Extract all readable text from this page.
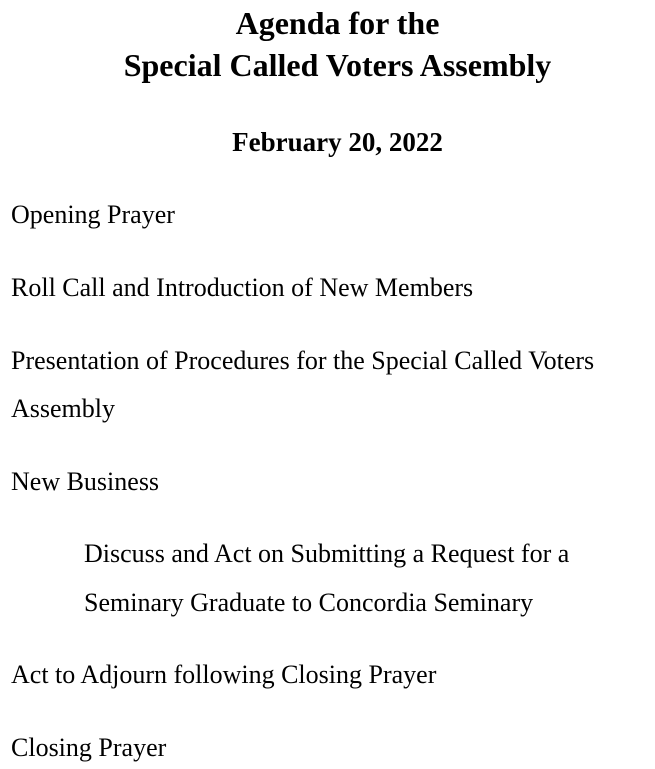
Agenda for the
Special Called Voters Assembly
February 20, 2022
Opening Prayer
Roll Call and Introduction of New Members
Presentation of Procedures for the Special Called Voters
Assembly
New Business
Discuss and Act on Submitting a Request for a
Seminary Graduate to Concordia Seminary
Act to Adjourn following Closing Prayer
Closing Prayer
